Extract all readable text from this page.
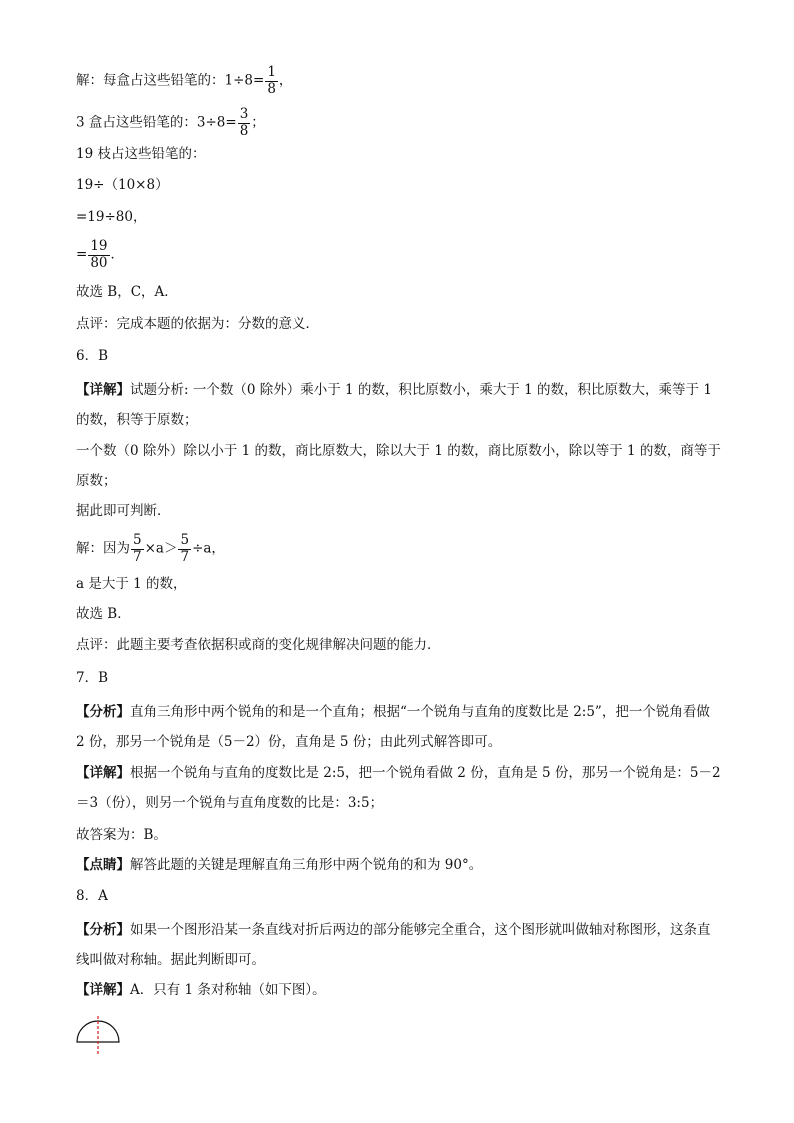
解：每盒占这些铅笔的：$1\div 8= \frac{1}{8}$ ，
3 盒占这些铅笔的：$3\div 8= \frac{3}{8}$ ；
19 枝占这些铅笔的：
19÷（10×8）
=19÷80，
= $\frac{19}{80}$ ．
故选 B，C，A．
点评：完成本题的依据为：分数的意义．
6．B
【详解】试题分析: 一个数（0 除外）乘小于 1 的数，积比原数小，乘大于 1 的数，积比原数大，乘等于 1 的数，积等于原数；
一个数（0 除外）除以小于 1 的数，商比原数大，除以大于 1 的数，商比原数小，除以等于 1 的数，商等于原数；
据此即可判断．
解：因为 $\frac{5}{7} \times a> \frac{5}{7} \div a$，
a 是大于 1 的数，
故选 B．
点评：此题主要考查依据积或商的变化规律解决问题的能力．
7．B
【分析】直角三角形中两个锐角的和是一个直角；根据“一个锐角与直角的度数比是 2:5”，把一个锐角看做 2 份，那另一个锐角是（5－2）份，直角是 5 份；由此列式解答即可。
【详解】根据一个锐角与直角的度数比是 2:5，把一个锐角看做 2 份，直角是 5 份，那另一个锐角是：5－2＝3（份），则另一个锐角与直角度数的比是：3:5；
故答案为：B。
【点睛】解答此题的关键是理解直角三角形中两个锐角的和为 90°。
8．A
【分析】如果一个图形沿某一条直线对折后两边的部分能够完全重合，这个图形就叫做轴对称图形，这条直线叫做对称轴。据此判断即可。
【详解】A．只有 1 条对称轴（如下图）。
